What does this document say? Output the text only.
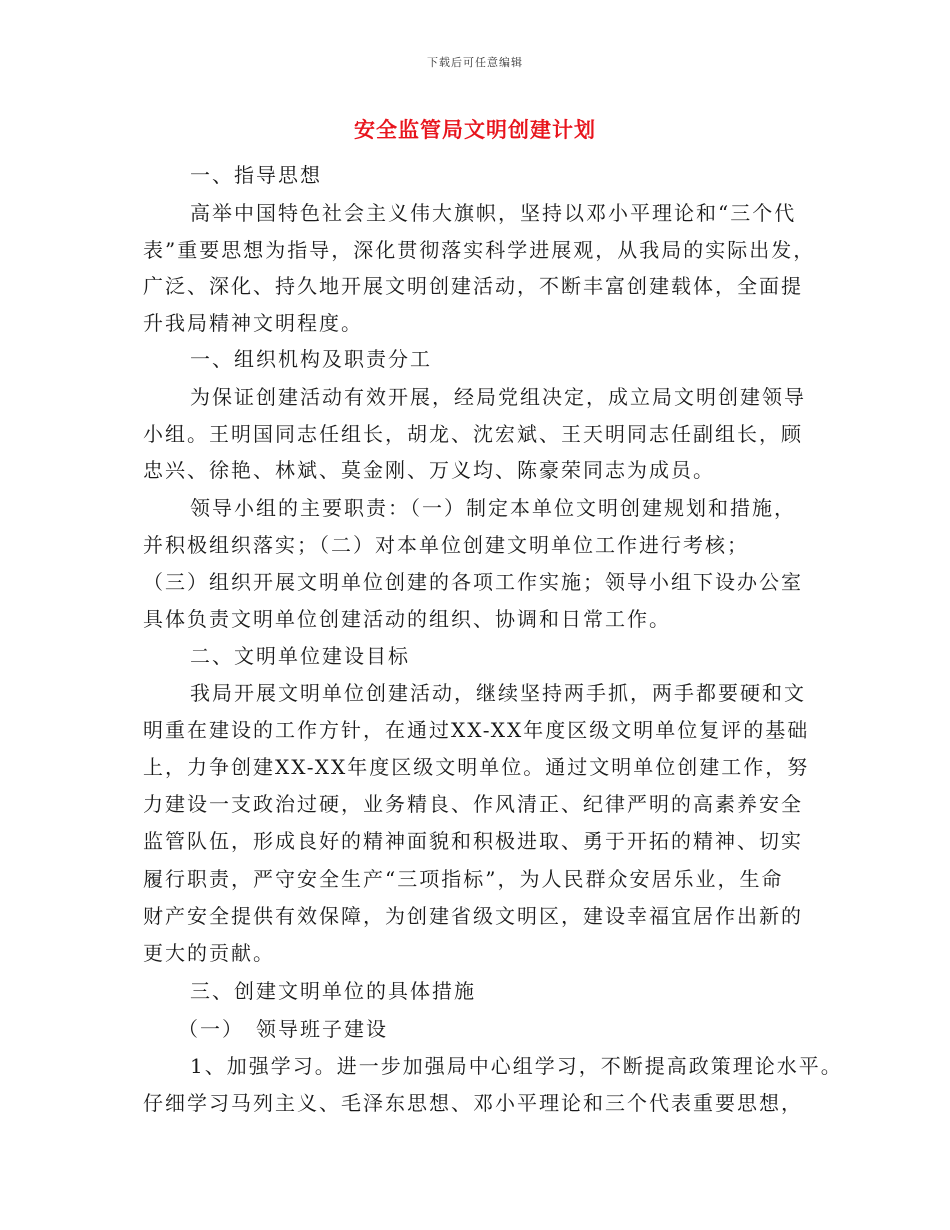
下载后可任意编辑
安全监管局文明创建计划
一、指导思想
高举中国特色社会主义伟大旗帜，坚持以邓小平理论和“三个代
表”重要思想为指导，深化贯彻落实科学进展观，从我局的实际出发，
广泛、深化、持久地开展文明创建活动，不断丰富创建载体，全面提
升我局精神文明程度。
一、组织机构及职责分工
为保证创建活动有效开展，经局党组决定，成立局文明创建领导
小组。王明国同志任组长，胡龙、沈宏斌、王天明同志任副组长，顾
忠兴、徐艳、林斌、莫金刚、万义均、陈豪荣同志为成员。
领导小组的主要职责：（一）制定本单位文明创建规划和措施，
并积极组织落实；（二）对本单位创建文明单位工作进行考核；
（三）组织开展文明单位创建的各项工作实施；领导小组下设办公室
具体负责文明单位创建活动的组织、协调和日常工作。
二、文明单位建设目标
我局开展文明单位创建活动，继续坚持两手抓，两手都要硬和文
明重在建设的工作方针，在通过XX-XX年度区级文明单位复评的基础
上，力争创建XX-XX年度区级文明单位。通过文明单位创建工作，努
力建设一支政治过硬，业务精良、作风清正、纪律严明的高素养安全
监管队伍，形成良好的精神面貌和积极进取、勇于开拓的精神、切实
履行职责，严守安全生产“三项指标”，为人民群众安居乐业，生命
财产安全提供有效保障，为创建省级文明区，建设幸福宜居作出新的
更大的贡献。
三、创建文明单位的具体措施
（一）　领导班子建设
1、加强学习。进一步加强局中心组学习，不断提高政策理论水平。
仔细学习马列主义、毛泽东思想、邓小平理论和三个代表重要思想，
